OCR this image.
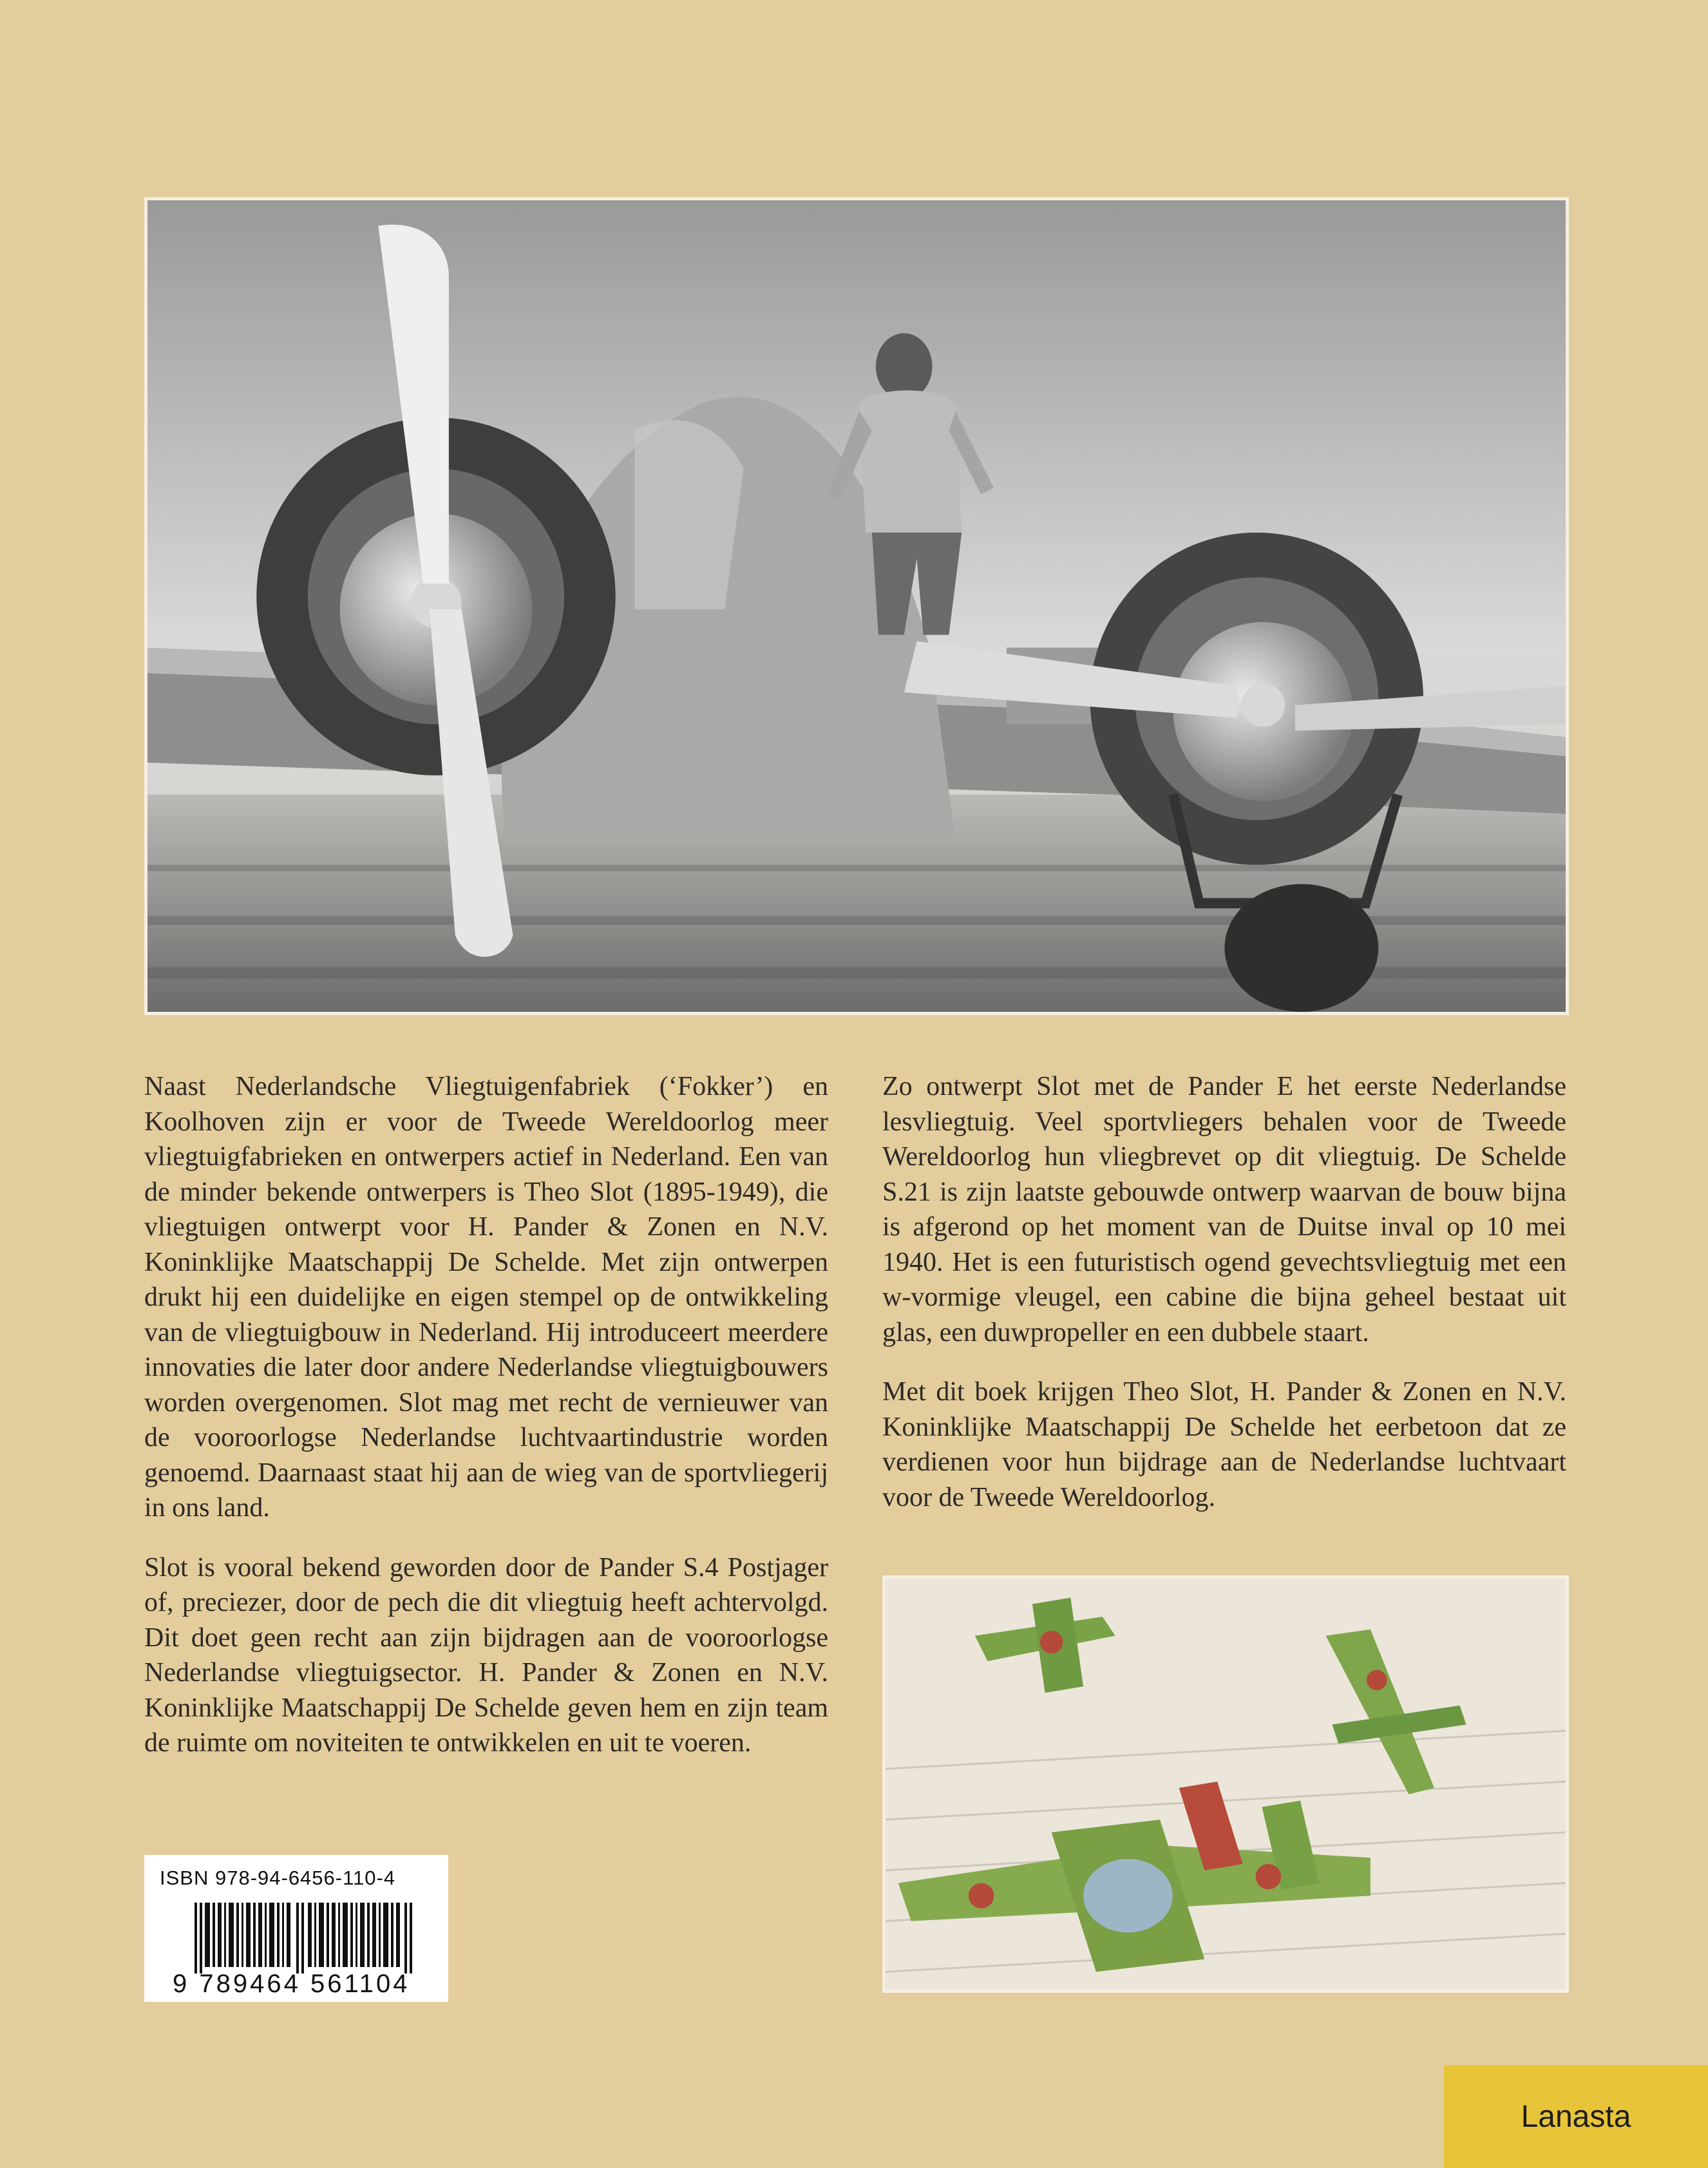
Naast Nederlandsche Vliegtuigenfabriek (‘Fokker’) en Koolhoven zijn er voor de Tweede Wereldoorlog meer vliegtuigfabrieken en ontwerpers actief in Nederland. Een van de minder bekende ontwerpers is Theo Slot (1895-1949), die vliegtuigen ontwerpt voor H. Pander & Zonen en N.V. Koninklijke Maatschappij De Schelde. Met zijn ontwerpen drukt hij een duidelijke en eigen stempel op de ontwikkeling van de vliegtuigbouw in Nederland. Hij introduceert meerdere innovaties die later door andere Nederlandse vliegtuigbouwers worden overgenomen. Slot mag met recht de vernieuwer van de vooroorlogse Nederlandse luchtvaartindustrie worden genoemd. Daarnaast staat hij aan de wieg van de sportvliegerij in ons land.

Slot is vooral bekend geworden door de Pander S.4 Postjager of, preciezer, door de pech die dit vliegtuig heeft achtervolgd. Dit doet geen recht aan zijn bijdragen aan de vooroorlogse Nederlandse vliegtuigsector. H. Pander & Zonen en N.V. Koninklijke Maatschappij De Schelde geven hem en zijn team de ruimte om noviteiten te ontwikkelen en uit te voeren.

Zo ontwerpt Slot met de Pander E het eerste Nederlandse lesvliegtuig. Veel sportvliegers behalen voor de Tweede Wereldoorlog hun vliegbrevet op dit vliegtuig. De Schelde S.21 is zijn laatste gebouwde ontwerp waarvan de bouw bijna is afgerond op het moment van de Duitse inval op 10 mei 1940. Het is een futuristisch ogend gevechtsvliegtuig met een w-vormige vleugel, een cabine die bijna geheel bestaat uit glas, een duwpropeller en een dubbele staart.

Met dit boek krijgen Theo Slot, H. Pander & Zonen en N.V. Koninklijke Maatschappij De Schelde het eerbetoon dat ze verdienen voor hun bijdrage aan de Nederlandse luchtvaart voor de Tweede Wereldoorlog.

ISBN 978-94-6456-110-4
9 789464 561104
Lanasta
